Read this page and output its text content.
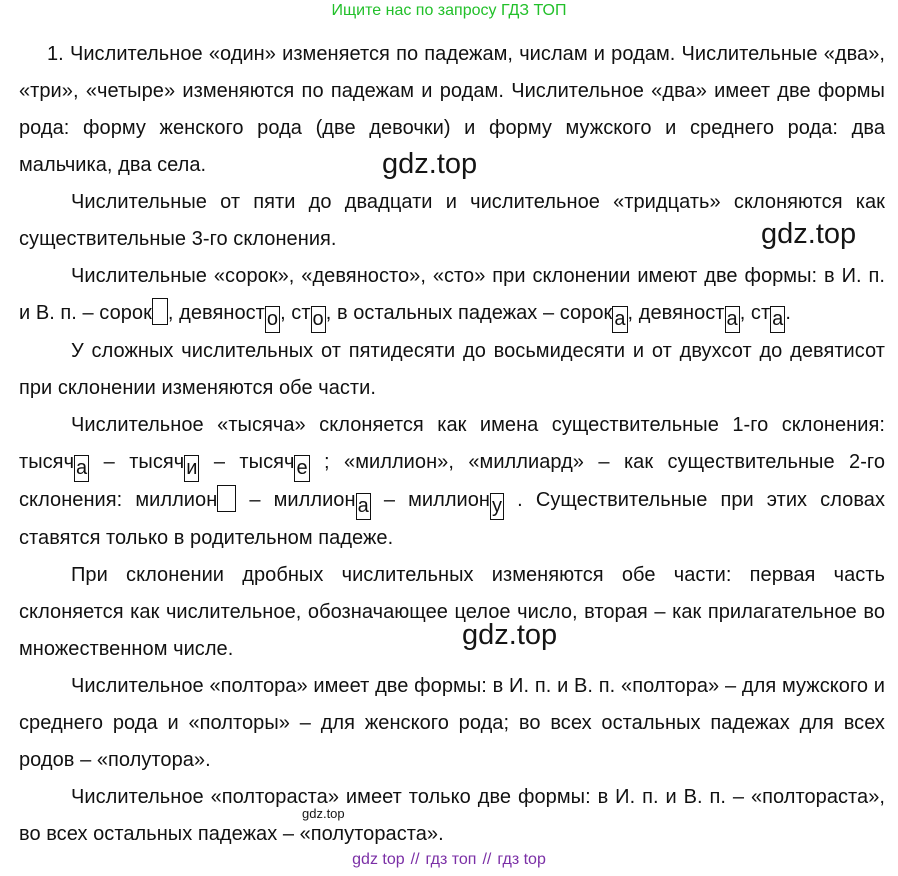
Ищите нас по запросу ГДЗ ТОП

1. Числительное «один» изменяется по падежам, числам и родам. Числительные «два», «три», «четыре» изменяются по падежам и родам. Числительное «два» имеет две формы рода: форму женского рода (две девочки) и форму мужского и среднего рода: два мальчика, два села.

Числительные от пяти до двадцати и числительное «тридцать» склоняются как существительные 3-го склонения.

Числительные «сорок», «девяносто», «сто» при склонении имеют две формы: в И. п. и В. п. – сорок , девяност о , ст о , в остальных падежах – сорок а , девяност а , ст а .

У сложных числительных от пятидесяти до восьмидесяти и от двухсот до девятисот при склонении изменяются обе части.

Числительное «тысяча» склоняется как имена существительные 1-го склонения: тысяч а – тысяч и – тысяч е ; «миллион», «миллиард» – как существительные 2-го склонения: миллион – миллион а – миллион у . Существительные при этих словах ставятся только в родительном падеже.

При склонении дробных числительных изменяются обе части: первая часть склоняется как числительное, обозначающее целое число, вторая – как прилагательное во множественном числе.

Числительное «полтора» имеет две формы: в И. п. и В. п. «полтора» – для мужского и среднего рода и «полторы» – для женского рода; во всех остальных падежах для всех родов – «полутора».

Числительное «полтораста» имеет только две формы: в И. п. и В. п. – «полтораста», во всех остальных падежах – «полутораста».

gdz.top
gdz.top
gdz.top
gdz.top
gdz top // гдз топ // гдз top
